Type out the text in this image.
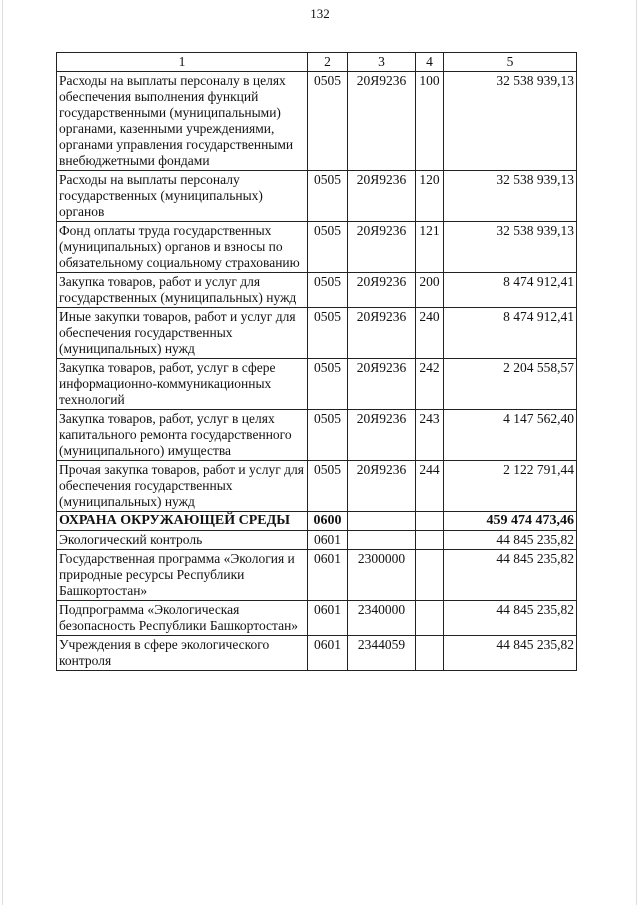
132
1	2	3	4	5
Расходы на выплаты персоналу в целях обеспечения выполнения функций государственными (муниципальными) органами, казенными учреждениями, органами управления государственными внебюджетными фондами	0505	20Я9236	100	32 538 939,13
Расходы на выплаты персоналу государственных (муниципальных) органов	0505	20Я9236	120	32 538 939,13
Фонд оплаты труда государственных (муниципальных) органов и взносы по обязательному социальному страхованию	0505	20Я9236	121	32 538 939,13
Закупка товаров, работ и услуг для государственных (муниципальных) нужд	0505	20Я9236	200	8 474 912,41
Иные закупки товаров, работ и услуг для обеспечения государственных (муниципальных) нужд	0505	20Я9236	240	8 474 912,41
Закупка товаров, работ, услуг в сфере информационно-коммуникационных технологий	0505	20Я9236	242	2 204 558,57
Закупка товаров, работ, услуг в целях капитального ремонта государственного (муниципального) имущества	0505	20Я9236	243	4 147 562,40
Прочая закупка товаров, работ и услуг для обеспечения государственных (муниципальных) нужд	0505	20Я9236	244	2 122 791,44
ОХРАНА ОКРУЖАЮЩЕЙ СРЕДЫ	0600			459 474 473,46
Экологический контроль	0601			44 845 235,82
Государственная программа «Экология и природные ресурсы Республики Башкортостан»	0601	2300000		44 845 235,82
Подпрограмма «Экологическая безопасность Республики Башкортостан»	0601	2340000		44 845 235,82
Учреждения в сфере экологического контроля	0601	2344059		44 845 235,82
